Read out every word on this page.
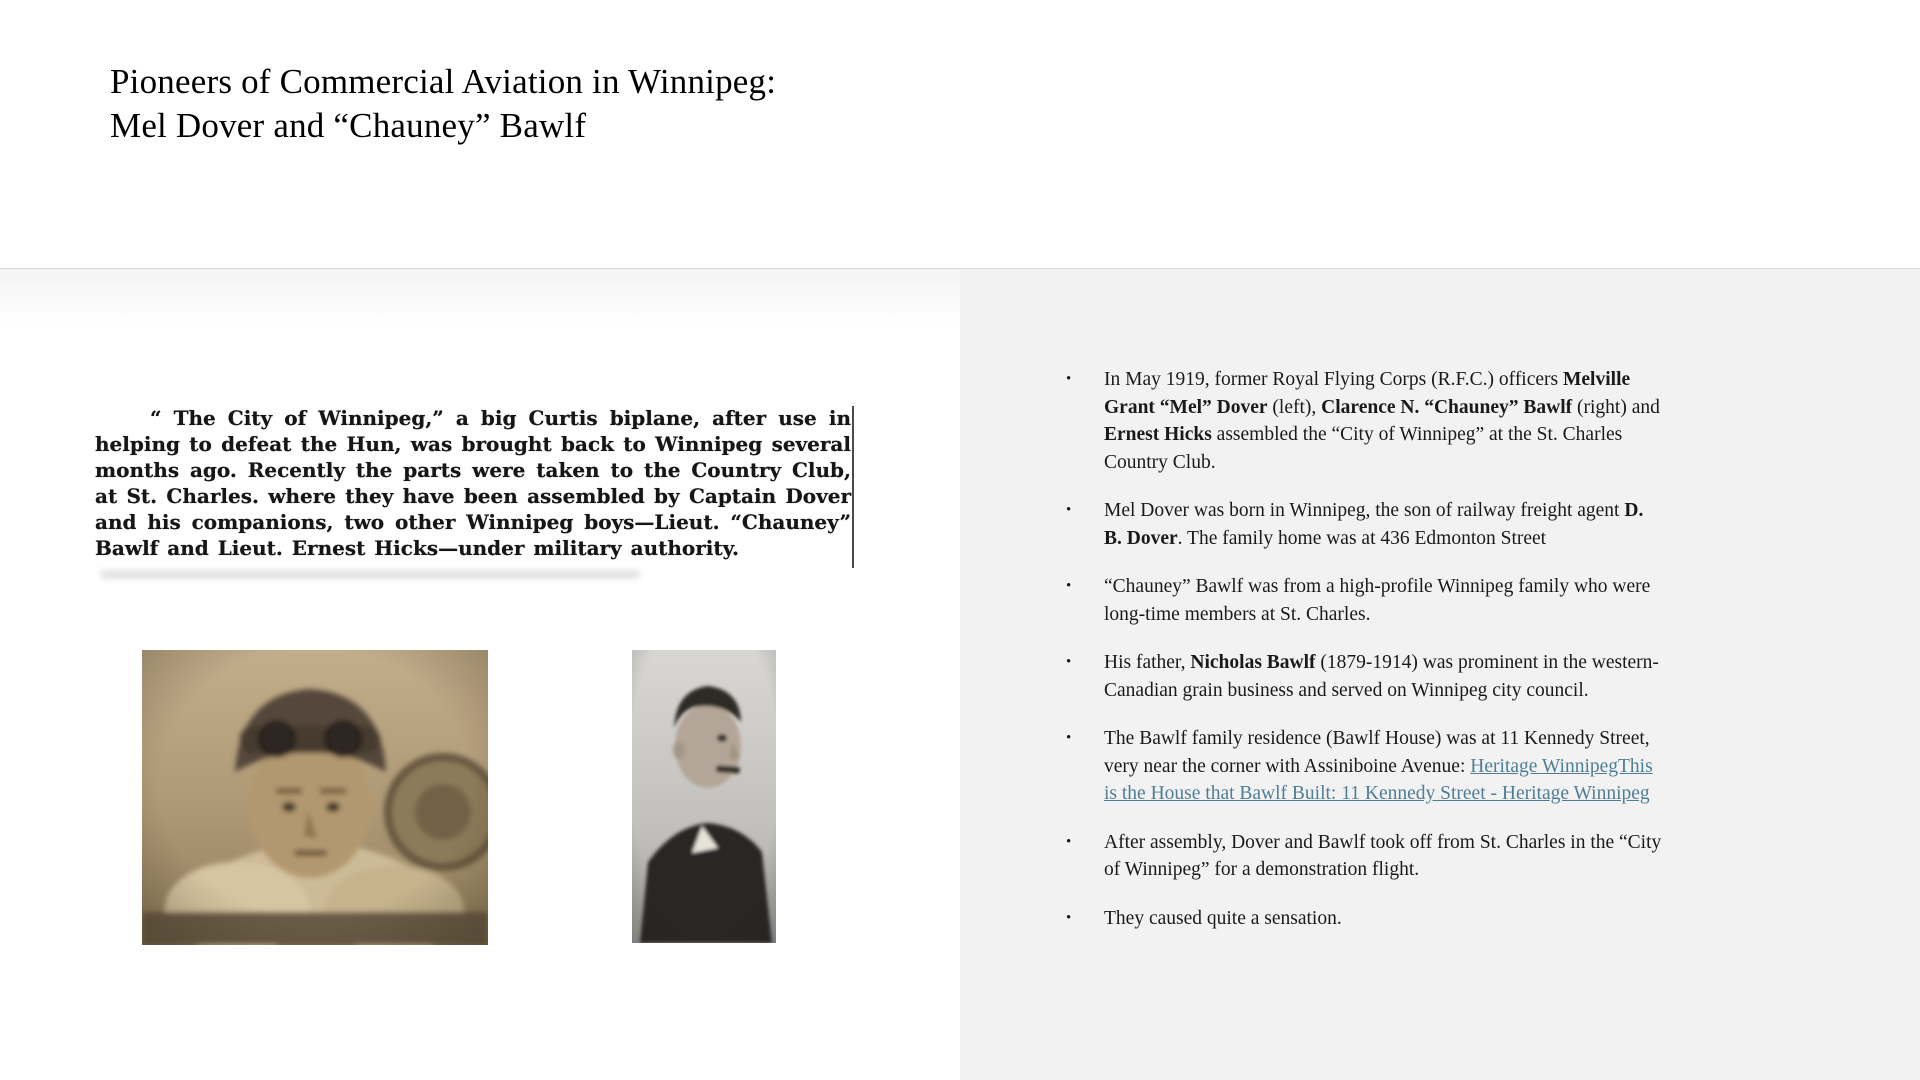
Pioneers of Commercial Aviation in Winnipeg:
Mel Dover and “Chauney” Bawlf
“ The City of Winnipeg,” a big Curtis biplane, after use in
helping to defeat the Hun, was brought back to Winnipeg several
months ago. Recently the parts were taken to the Country Club,
at St. Charles. where they have been assembled by Captain Dover
and his companions, two other Winnipeg boys—Lieut. “Chauney”
Bawlf and Lieut. Ernest Hicks—under military authority.
•	In May 1919, former Royal Flying Corps (R.F.C.) officers Melville
Grant “Mel” Dover (left), Clarence N. “Chauney” Bawlf (right) and
Ernest Hicks assembled the “City of Winnipeg” at the St. Charles
Country Club.
•	Mel Dover was born in Winnipeg, the son of railway freight agent D.
B. Dover. The family home was at 436 Edmonton Street
•	“Chauney” Bawlf was from a high-profile Winnipeg family who were
long-time members at St. Charles.
•	His father, Nicholas Bawlf (1879-1914) was prominent in the western-
Canadian grain business and served on Winnipeg city council.
•	The Bawlf family residence (Bawlf House) was at 11 Kennedy Street,
very near the corner with Assiniboine Avenue: Heritage WinnipegThis
is the House that Bawlf Built: 11 Kennedy Street - Heritage Winnipeg
•	After assembly, Dover and Bawlf took off from St. Charles in the “City
of Winnipeg” for a demonstration flight.
•	They caused quite a sensation.
